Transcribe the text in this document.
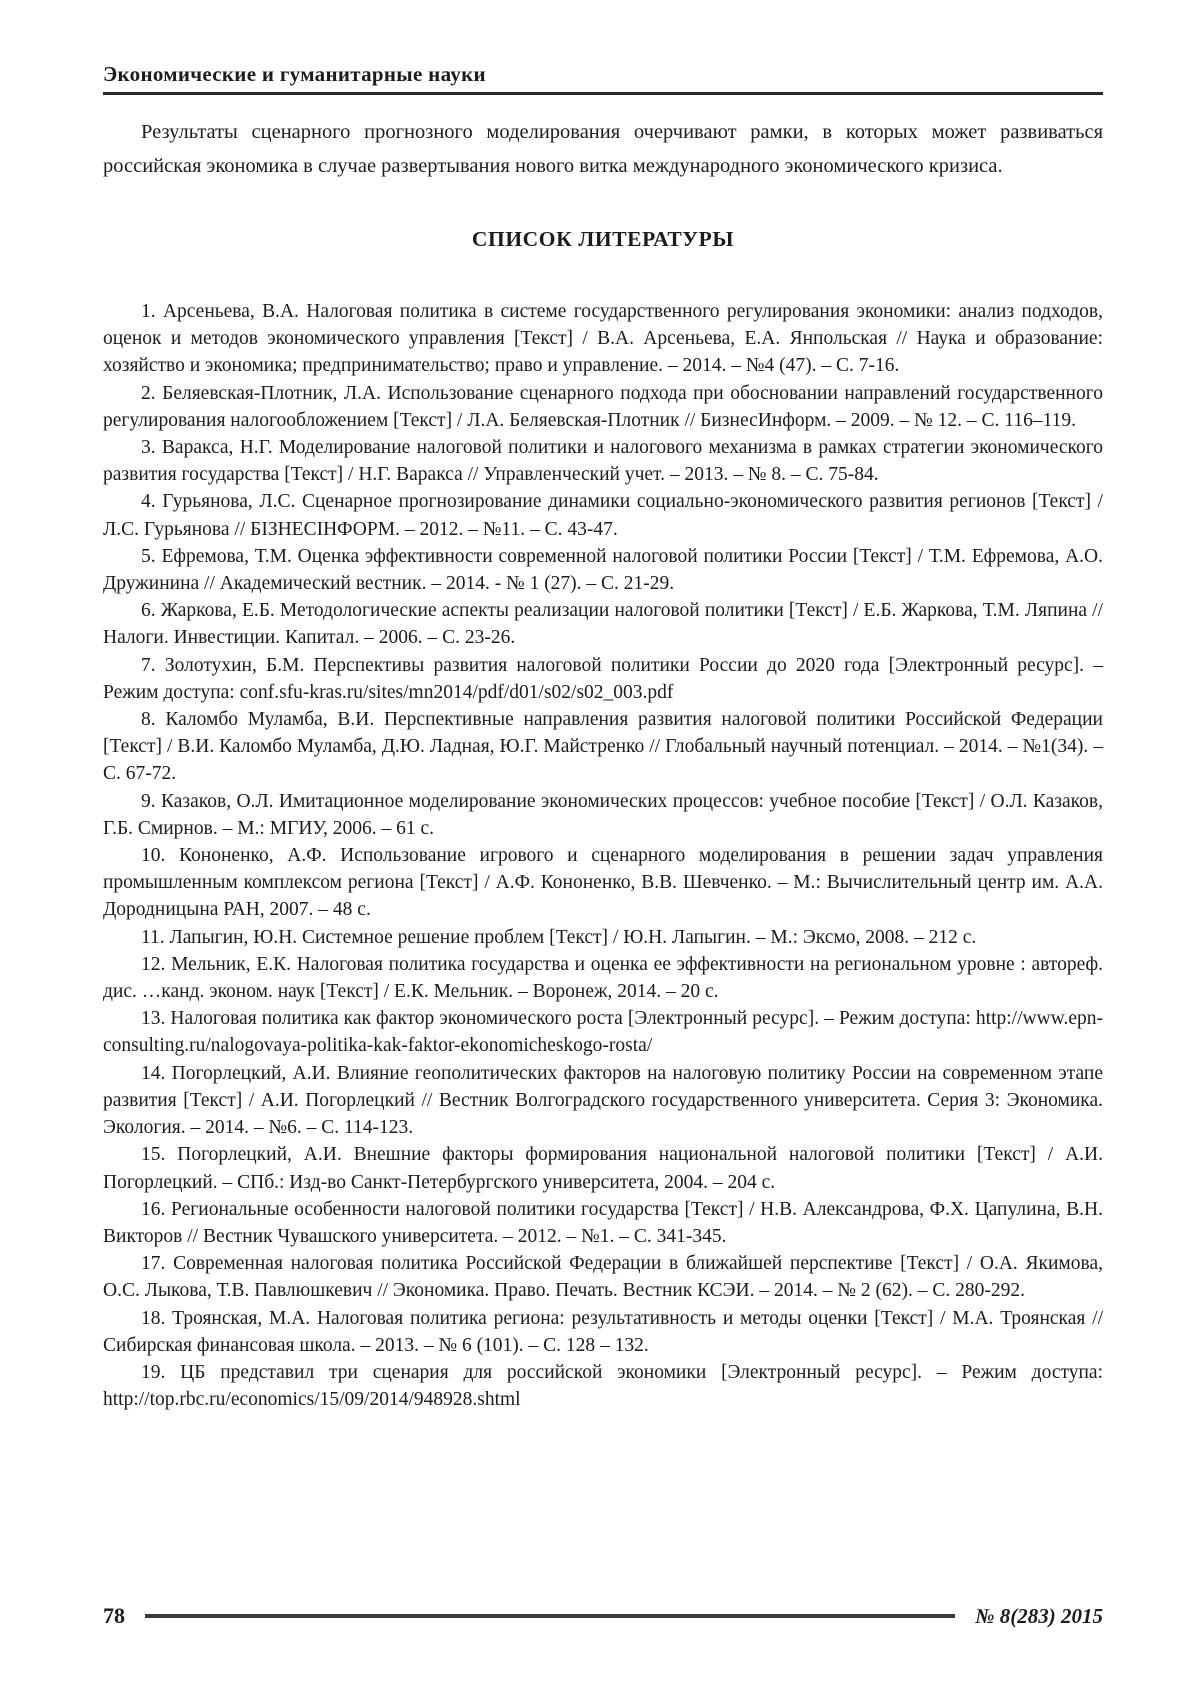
Экономические и гуманитарные науки

Результаты сценарного прогнозного моделирования очерчивают рамки, в которых может развиваться российская экономика в случае развертывания нового витка международного экономического кризиса.

СПИСОК ЛИТЕРАТУРЫ

1. Арсеньева, В.А. Налоговая политика в системе государственного регулирования экономики: анализ подходов, оценок и методов экономического управления [Текст] / В.А. Арсеньева, Е.А. Янпольская // Наука и образование: хозяйство и экономика; предпринимательство; право и управление. – 2014. – №4 (47). – С. 7-16.

2. Беляевская-Плотник, Л.А. Использование сценарного подхода при обосновании направлений государственного регулирования налогообложением [Текст] / Л.А. Беляевская-Плотник // БизнесИнформ. – 2009. – № 12. – С. 116–119.

3. Варакса, Н.Г. Моделирование налоговой политики и налогового механизма в рамках стратегии экономического развития государства [Текст] / Н.Г. Варакса // Управленческий учет. – 2013. – № 8. – С. 75-84.

4. Гурьянова, Л.С. Сценарное прогнозирование динамики социально-экономического развития регионов [Текст] / Л.С. Гурьянова // БІЗНЕСІНФОРМ. – 2012. – №11. – С. 43-47.

5. Ефремова, Т.М. Оценка эффективности современной налоговой политики России [Текст] / Т.М. Ефремова, А.О. Дружинина // Академический вестник. – 2014. - № 1 (27). – С. 21-29.

6. Жаркова, Е.Б. Методологические аспекты реализации налоговой политики [Текст] / Е.Б. Жаркова, Т.М. Ляпина // Налоги. Инвестиции. Капитал. – 2006. – С. 23-26.

7. Золотухин, Б.М. Перспективы развития налоговой политики России до 2020 года [Электронный ресурс]. – Режим доступа: conf.sfu-kras.ru/sites/mn2014/pdf/d01/s02/s02_003.pdf

8. Каломбо Муламба, В.И. Перспективные направления развития налоговой политики Российской Федерации [Текст] / В.И. Каломбо Муламба, Д.Ю. Ладная, Ю.Г. Майстренко // Глобальный научный потенциал. – 2014. – №1(34). – С. 67-72.

9. Казаков, О.Л. Имитационное моделирование экономических процессов: учебное пособие [Текст] / О.Л. Казаков, Г.Б. Смирнов. – М.: МГИУ, 2006. – 61 с.

10. Кононенко, А.Ф. Использование игрового и сценарного моделирования в решении задач управления промышленным комплексом региона [Текст] / А.Ф. Кононенко, В.В. Шевченко. – М.: Вычислительный центр им. А.А. Дородницына РАН, 2007. – 48 с.

11. Лапыгин, Ю.Н. Системное решение проблем [Текст] / Ю.Н. Лапыгин. – М.: Эксмо, 2008. – 212 с.

12. Мельник, Е.К. Налоговая политика государства и оценка ее эффективности на региональном уровне : автореф. дис. …канд. эконом. наук [Текст] / Е.К. Мельник. – Воронеж, 2014. – 20 с.

13. Налоговая политика как фактор экономического роста [Электронный ресурс]. – Режим доступа: http://www.epn-consulting.ru/nalogovaya-politika-kak-faktor-ekonomicheskogo-rosta/

14. Погорлецкий, А.И. Влияние геополитических факторов на налоговую политику России на современном этапе развития [Текст] / А.И. Погорлецкий // Вестник Волгоградского государственного университета. Серия 3: Экономика. Экология. – 2014. – №6. – С. 114-123.

15. Погорлецкий, А.И. Внешние факторы формирования национальной налоговой политики [Текст] / А.И. Погорлецкий. – СПб.: Изд-во Санкт-Петербургского университета, 2004. – 204 с.

16. Региональные особенности налоговой политики государства [Текст] / Н.В. Александрова, Ф.Х. Цапулина, В.Н. Викторов // Вестник Чувашского университета. – 2012. – №1. – С. 341-345.

17. Современная налоговая политика Российской Федерации в ближайшей перспективе [Текст] / О.А. Якимова, О.С. Лыкова, Т.В. Павлюшкевич // Экономика. Право. Печать. Вестник КСЭИ. – 2014. – № 2 (62). – С. 280-292.

18. Троянская, М.А. Налоговая политика региона: результативность и методы оценки [Текст] / М.А. Троянская // Сибирская финансовая школа. – 2013. – № 6 (101). – С. 128 – 132.

19. ЦБ представил три сценария для российской экономики [Электронный ресурс]. – Режим доступа: http://top.rbc.ru/economics/15/09/2014/948928.shtml

78	№ 8(283) 2015
